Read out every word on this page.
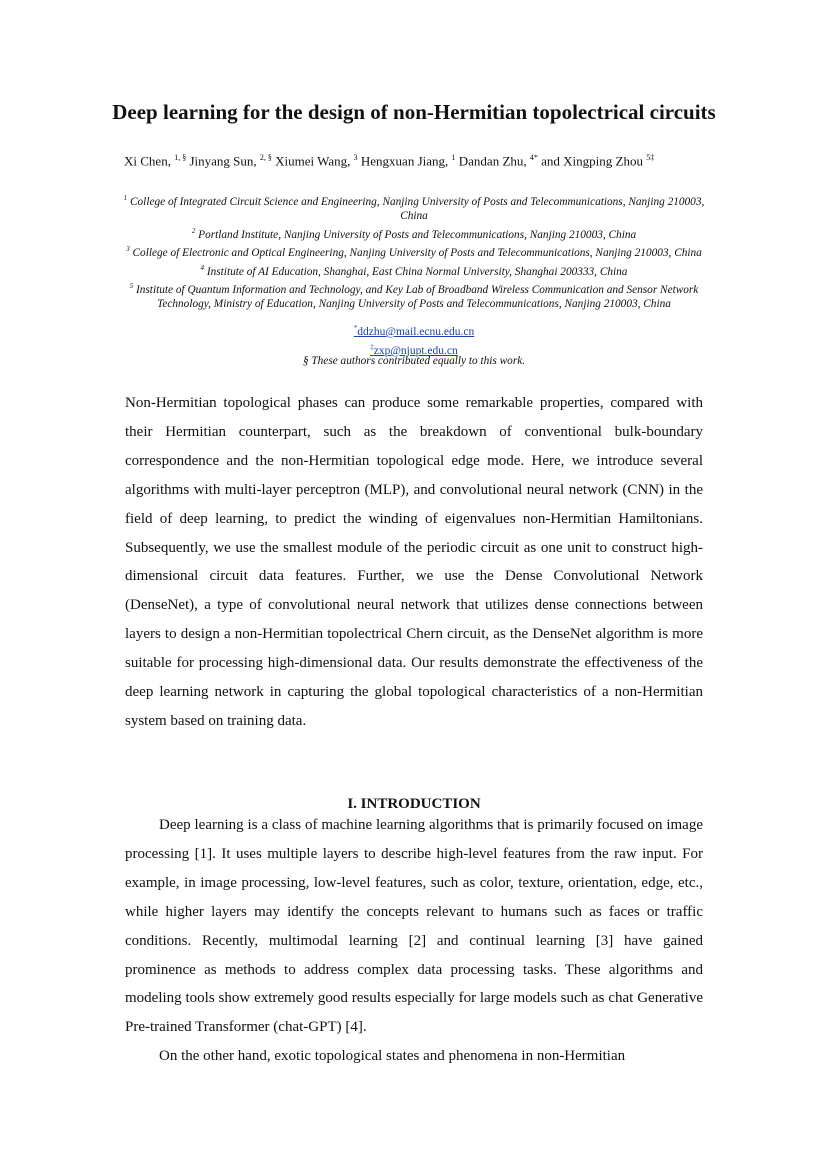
Deep learning for the design of non-Hermitian topolectrical circuits
Xi Chen, $^{1, \S}$ Jinyang Sun, $^{2, \S}$ Xiumei Wang, $^3$ Hengxuan Jiang, $^1$ Dandan Zhu, $^{4*}$ and Xingping Zhou $^{5\ddagger}$
$^1$ College of Integrated Circuit Science and Engineering, Nanjing University of Posts and Telecommunications, Nanjing 210003, China
$^2$ Portland Institute, Nanjing University of Posts and Telecommunications, Nanjing 210003, China
$^3$ College of Electronic and Optical Engineering, Nanjing University of Posts and Telecommunications, Nanjing 210003, China
$^4$ Institute of AI Education, Shanghai, East China Normal University, Shanghai 200333, China
$^5$ Institute of Quantum Information and Technology, and Key Lab of Broadband Wireless Communication and Sensor Network Technology, Ministry of Education, Nanjing University of Posts and Telecommunications, Nanjing 210003, China
*ddzhu@mail.ecnu.edu.cn
‡zxp@njupt.edu.cn
§ These authors contributed equally to this work.

Non-Hermitian topological phases can produce some remarkable properties, compared with their Hermitian counterpart, such as the breakdown of conventional bulk-boundary correspondence and the non-Hermitian topological edge mode. Here, we introduce several algorithms with multi-layer perceptron (MLP), and convolutional neural network (CNN) in the field of deep learning, to predict the winding of eigenvalues non-Hermitian Hamiltonians. Subsequently, we use the smallest module of the periodic circuit as one unit to construct high-dimensional circuit data features. Further, we use the Dense Convolutional Network (DenseNet), a type of convolutional neural network that utilizes dense connections between layers to design a non-Hermitian topolectrical Chern circuit, as the DenseNet algorithm is more suitable for processing high-dimensional data. Our results demonstrate the effectiveness of the deep learning network in capturing the global topological characteristics of a non-Hermitian system based on training data.

I. INTRODUCTION

Deep learning is a class of machine learning algorithms that is primarily focused on image processing [1]. It uses multiple layers to describe high-level features from the raw input. For example, in image processing, low-level features, such as color, texture, orientation, edge, etc., while higher layers may identify the concepts relevant to humans such as faces or traffic conditions. Recently, multimodal learning [2] and continual learning [3] have gained prominence as methods to address complex data processing tasks. These algorithms and modeling tools show extremely good results especially for large models such as chat Generative Pre-trained Transformer (chat-GPT) [4].

On the other hand, exotic topological states and phenomena in non-Hermitian
